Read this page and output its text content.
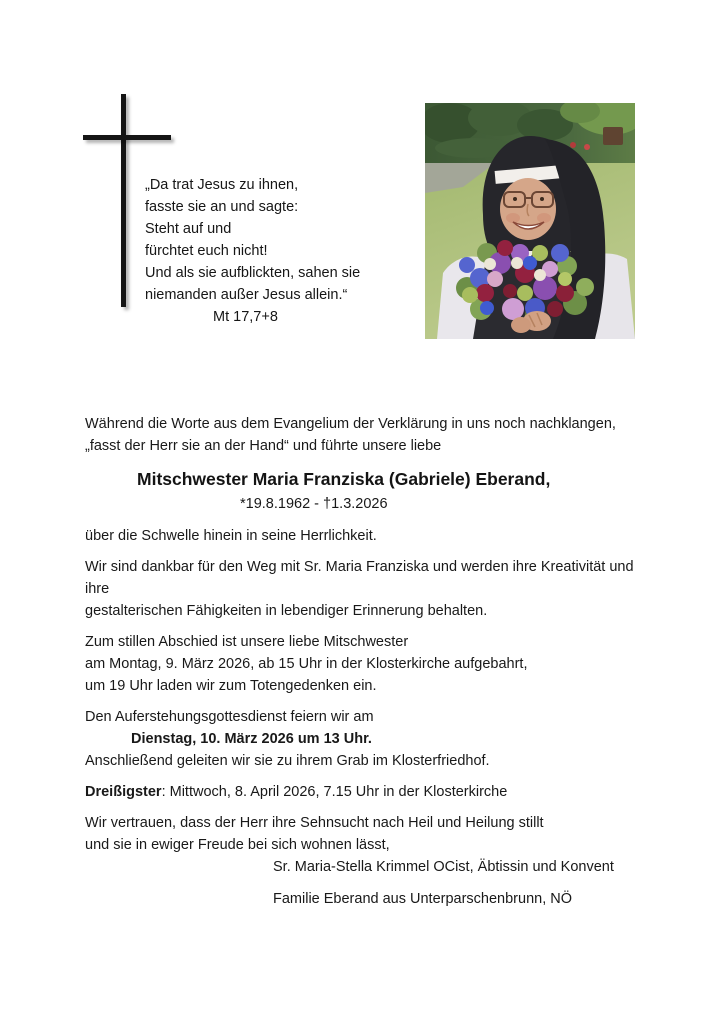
„Da trat Jesus zu ihnen,
fasste sie an und sagte:
Steht auf und
fürchtet euch nicht!
Und als sie aufblickten, sahen sie
niemanden außer Jesus allein.“
Mt 17,7+8

Während die Worte aus dem Evangelium der Verklärung in uns noch nachklangen,
„fasst der Herr sie an der Hand“ und führte unsere liebe

Mitschwester Maria Franziska (Gabriele) Eberand,
*19.8.1962 - †1.3.2026

über die Schwelle hinein in seine Herrlichkeit.

Wir sind dankbar für den Weg mit Sr. Maria Franziska und werden ihre Kreativität und ihre
gestalterischen Fähigkeiten in lebendiger Erinnerung behalten.

Zum stillen Abschied ist unsere liebe Mitschwester
am Montag, 9. März 2026, ab 15 Uhr in der Klosterkirche aufgebahrt,
um 19 Uhr laden wir zum Totengedenken ein.

Den Auferstehungsgottesdienst feiern wir am
Dienstag, 10. März 2026 um 13 Uhr.
Anschließend geleiten wir sie zu ihrem Grab im Klosterfriedhof.

Dreißigster: Mittwoch, 8. April 2026, 7.15 Uhr in der Klosterkirche

Wir vertrauen, dass der Herr ihre Sehnsucht nach Heil und Heilung stillt
und sie in ewiger Freude bei sich wohnen lässt,

Sr. Maria-Stella Krimmel OCist, Äbtissin und Konvent
Familie Eberand aus Unterparschenbrunn, NÖ
